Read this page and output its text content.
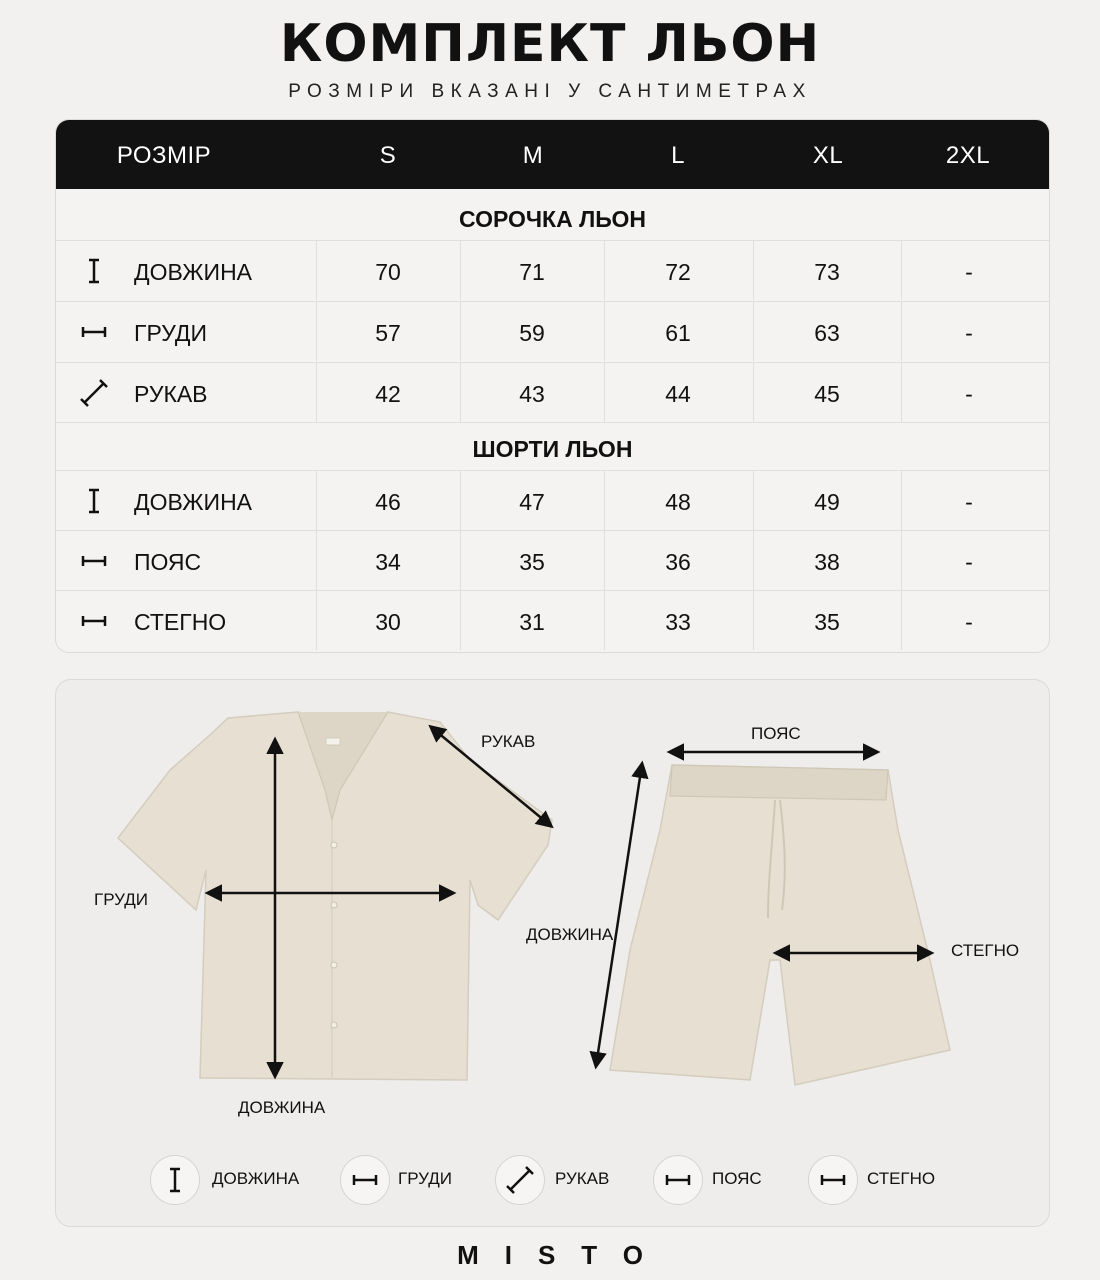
КОМПЛЕКТ ЛЬОН
РОЗМІРИ ВКАЗАНІ У САНТИМЕТРАХ
РОЗМІР	S	M	L	XL	2XL
СОРОЧКА ЛЬОН
ДОВЖИНА	70	71	72	73	-
ГРУДИ	57	59	61	63	-
РУКАВ	42	43	44	45	-
ШОРТИ ЛЬОН
ДОВЖИНА	46	47	48	49	-
ПОЯС	34	35	36	38	-
СТЕГНО	30	31	33	35	-
РУКАВ
ГРУДИ
ДОВЖИНА
ПОЯС
ДОВЖИНА
СТЕГНО
ДОВЖИНА	ГРУДИ	РУКАВ	ПОЯС	СТЕГНО
MISTO
